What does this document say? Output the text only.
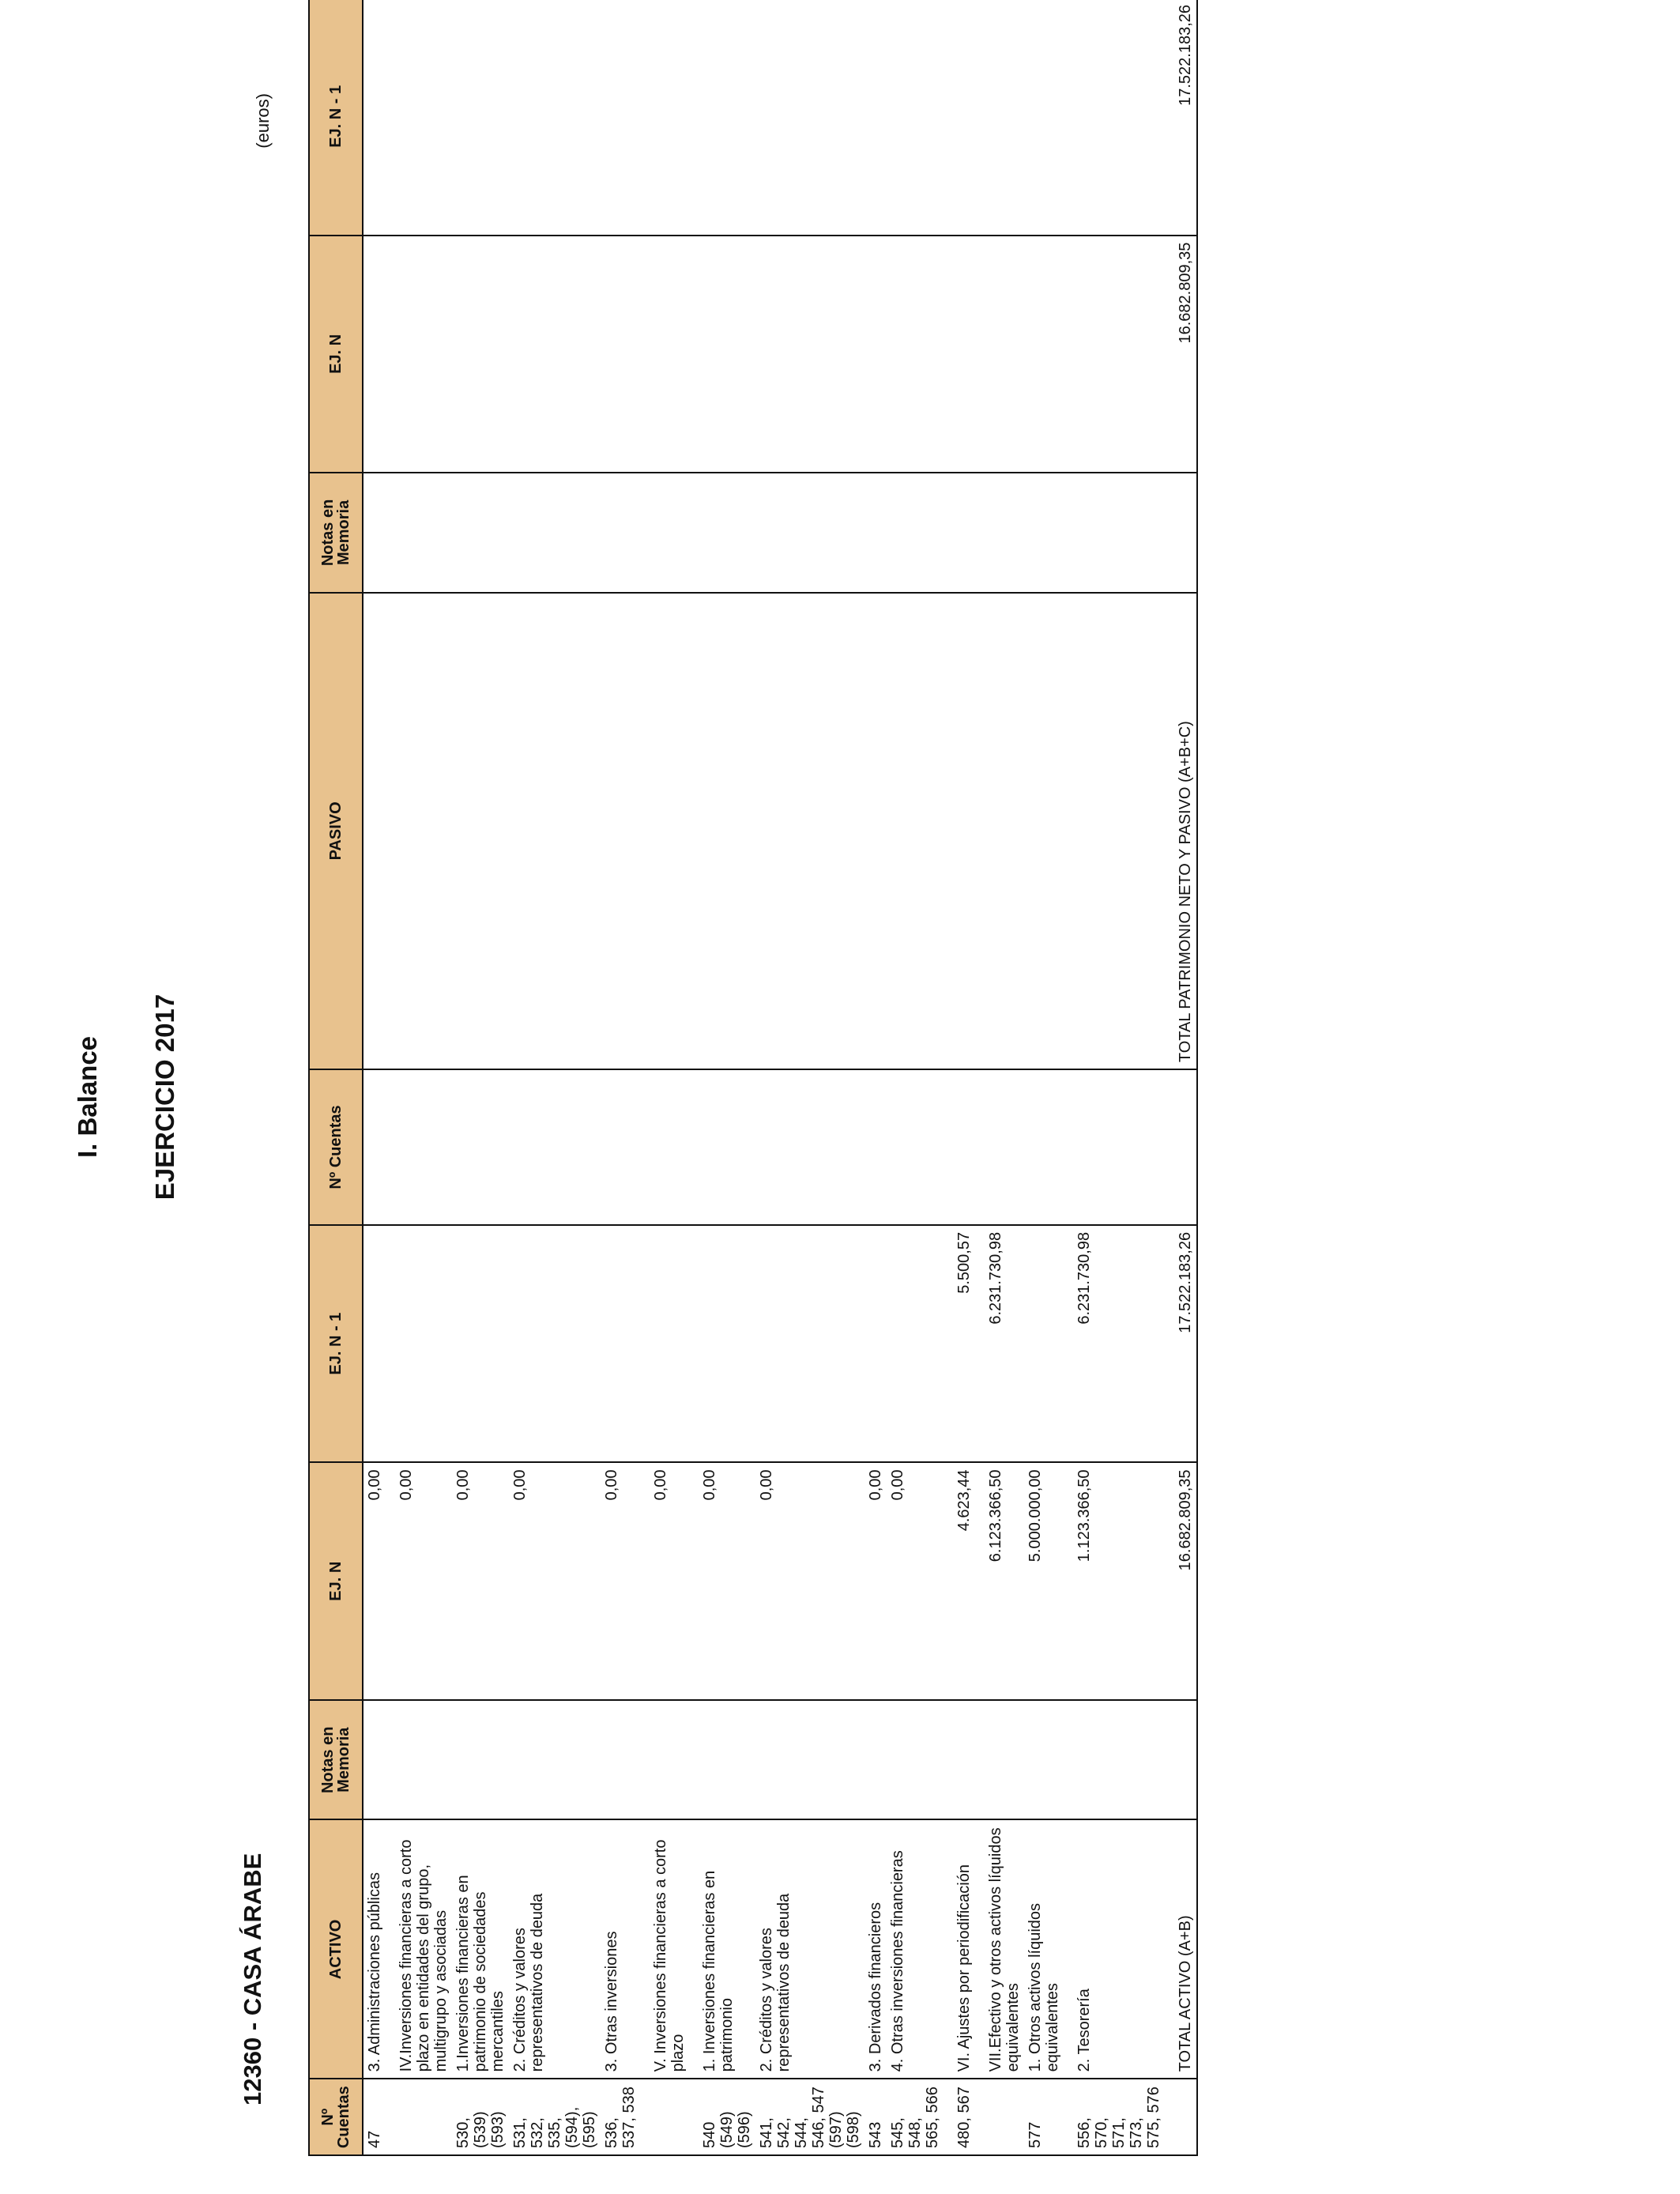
I. Balance EJERCICIO 2017
12360 - CASA ÁRABE
(euros)
Nº Cuentas	ACTIVO	Notas en Memoria	EJ. N	EJ. N - 1	Nº Cuentas	PASIVO	Notas en Memoria	EJ. N	EJ. N - 1
47	3. Administraciones públicas		0,00						

	IV.Inversiones financieras a corto plazo en entidades del grupo, multigrupo y asociadas		0,00						
530, (539) (593)	1.Inversiones financieras en patrimonio de sociedades mercantiles		0,00						
531, 532, 535, (594), (595)	2. Créditos y valores representativos de deuda		0,00						
536, 537, 538	3. Otras inversiones		0,00						

	V. Inversiones financieras a corto plazo		0,00						

540 (549) (596)	1. Inversiones financieras en patrimonio		0,00						
541, 542, 544, 546, 547 (597) (598)	2. Créditos y valores representativos de deuda		0,00						
543	3. Derivados financieros		0,00						
545, 548, 565, 566	4. Otras inversiones financieras		0,00						

480, 567	VI. Ajustes por periodificación		4.623,44	5.500,57					

	VII.Efectivo y otros activos líquidos equivalentes		6.123.366,50	6.231.730,98					
577	1. Otros activos líquidos equivalentes		5.000.000,00						

556, 570, 571, 573, 575, 576	2. Tesorería		1.123.366,50	6.231.730,98					

	TOTAL ACTIVO (A+B)		16.682.809,35	17.522.183,26		TOTAL PATRIMONIO NETO Y PASIVO (A+B+C)		16.682.809,35	17.522.183,26
